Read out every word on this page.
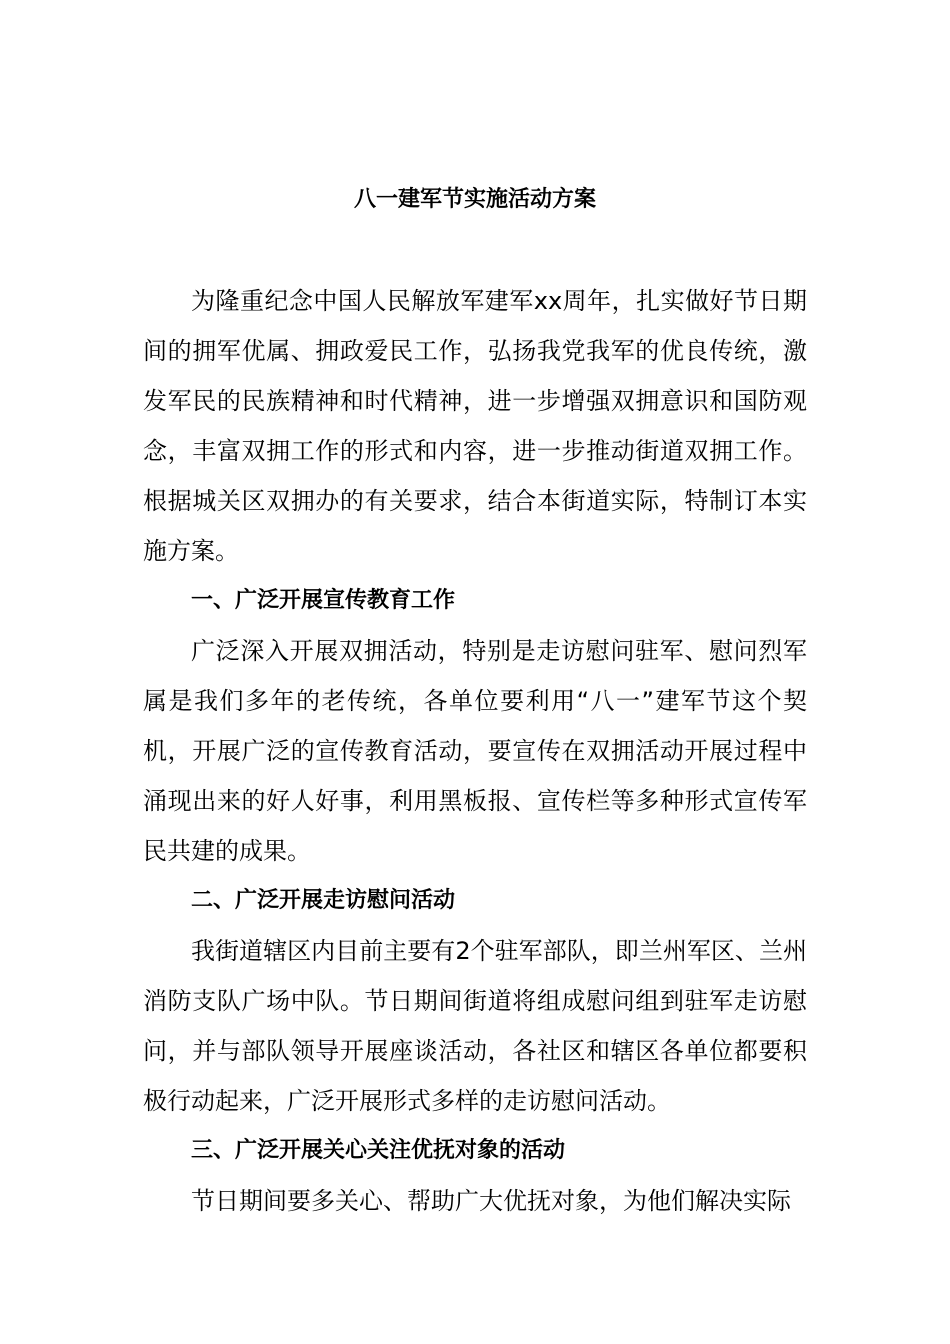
八一建军节实施活动方案

为隆重纪念中国人民解放军建军xx周年，扎实做好节日期间的拥军优属、拥政爱民工作，弘扬我党我军的优良传统，激发军民的民族精神和时代精神，进一步增强双拥意识和国防观念，丰富双拥工作的形式和内容，进一步推动街道双拥工作。根据城关区双拥办的有关要求，结合本街道实际，特制订本实施方案。

一、广泛开展宣传教育工作

广泛深入开展双拥活动，特别是走访慰问驻军、慰问烈军属是我们多年的老传统，各单位要利用“八一”建军节这个契机，开展广泛的宣传教育活动，要宣传在双拥活动开展过程中涌现出来的好人好事，利用黑板报、宣传栏等多种形式宣传军民共建的成果。

二、广泛开展走访慰问活动

我街道辖区内目前主要有2个驻军部队，即兰州军区、兰州消防支队广场中队。节日期间街道将组成慰问组到驻军走访慰问，并与部队领导开展座谈活动，各社区和辖区各单位都要积极行动起来，广泛开展形式多样的走访慰问活动。

三、广泛开展关心关注优抚对象的活动

节日期间要多关心、帮助广大优抚对象，为他们解决实际
